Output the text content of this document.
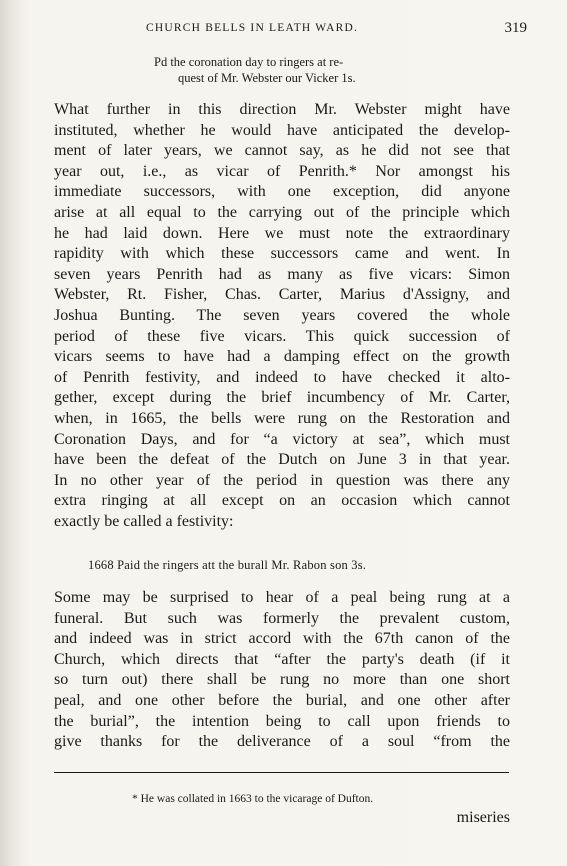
CHURCH BELLS IN LEATH WARD.	319
Pd the coronation day to ringers at re-
quest of Mr. Webster our Vicker 1s.
What further in this direction Mr. Webster might have
instituted, whether he would have anticipated the develop-
ment of later years, we cannot say, as he did not see that
year out, i.e., as vicar of Penrith.* Nor amongst his
immediate successors, with one exception, did anyone
arise at all equal to the carrying out of the principle which
he had laid down. Here we must note the extraordinary
rapidity with which these successors came and went. In
seven years Penrith had as many as five vicars: Simon
Webster, Rt. Fisher, Chas. Carter, Marius d'Assigny, and
Joshua Bunting. The seven years covered the whole
period of these five vicars. This quick succession of
vicars seems to have had a damping effect on the growth
of Penrith festivity, and indeed to have checked it alto-
gether, except during the brief incumbency of Mr. Carter,
when, in 1665, the bells were rung on the Restoration and
Coronation Days, and for “a victory at sea”, which must
have been the defeat of the Dutch on June 3 in that year.
In no other year of the period in question was there any
extra ringing at all except on an occasion which cannot
exactly be called a festivity:
1668 Paid the ringers att the burall Mr. Rabon son 3s.
Some may be surprised to hear of a peal being rung at a
funeral. But such was formerly the prevalent custom,
and indeed was in strict accord with the 67th canon of the
Church, which directs that “after the party's death (if it
so turn out) there shall be rung no more than one short
peal, and one other before the burial, and one other after
the burial”, the intention being to call upon friends to
give thanks for the deliverance of a soul “from the
* He was collated in 1663 to the vicarage of Dufton.
miseries
